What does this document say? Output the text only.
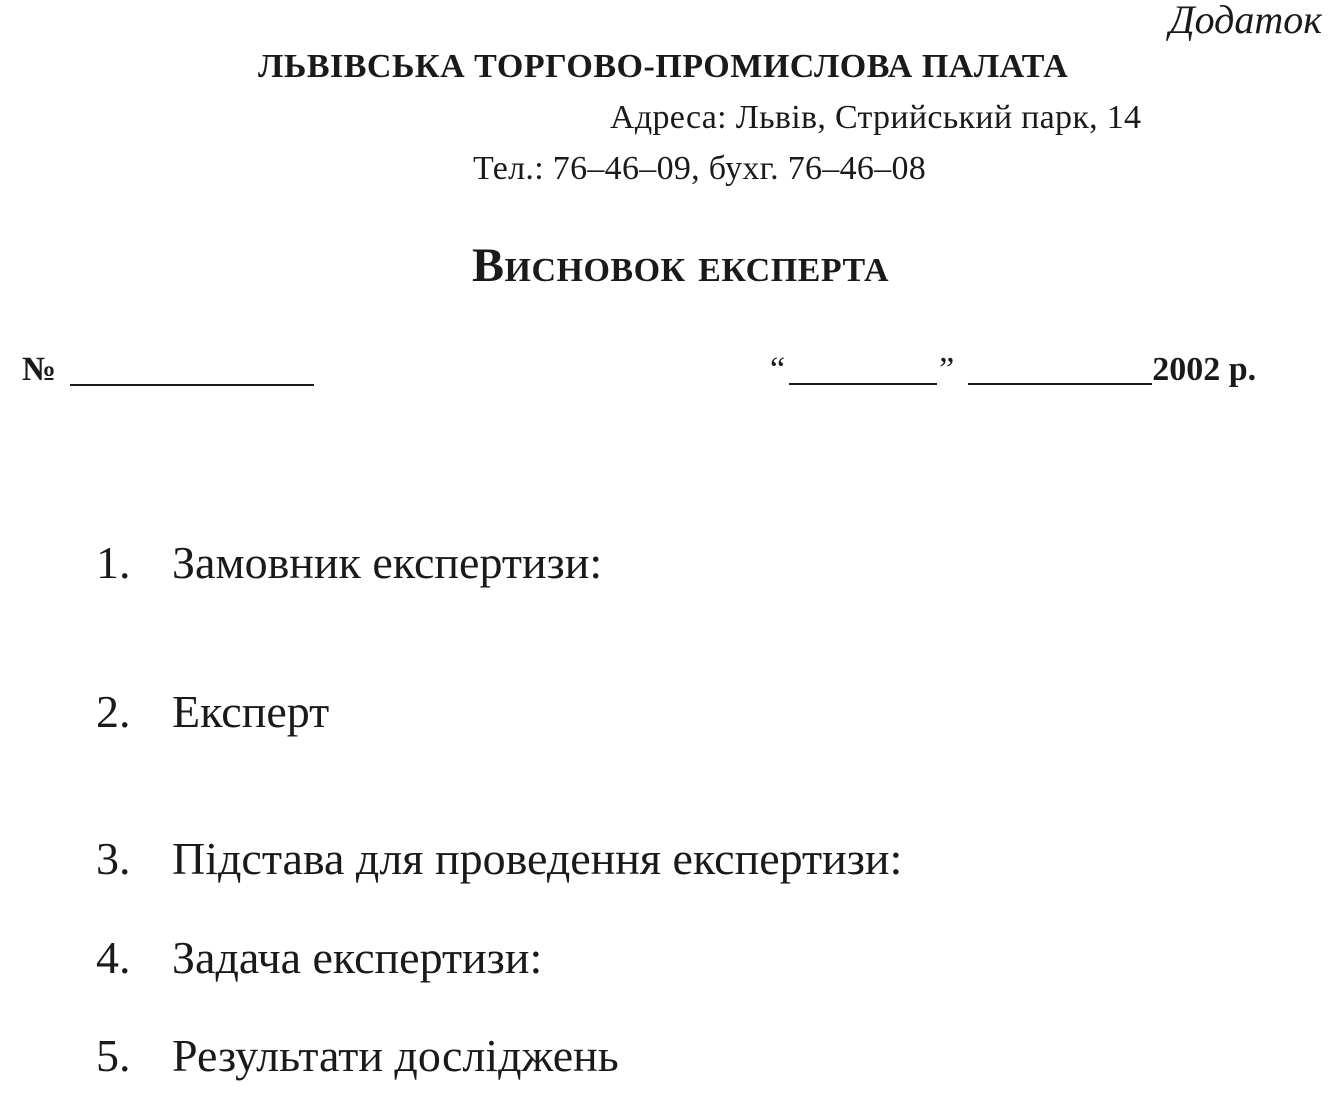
Додаток
ЛЬВІВСЬКА ТОРГОВО-ПРОМИСЛОВА ПАЛАТА
Адреса: Львів, Стрийський парк, 14
Тел.: 76–46–09, бухг. 76–46–08
Висновок експерта
№	“	”	2002 р.
1. Замовник експертизи:
2. Експерт
3. Підстава для проведення експертизи:
4. Задача експертизи:
5. Результати досліджень
